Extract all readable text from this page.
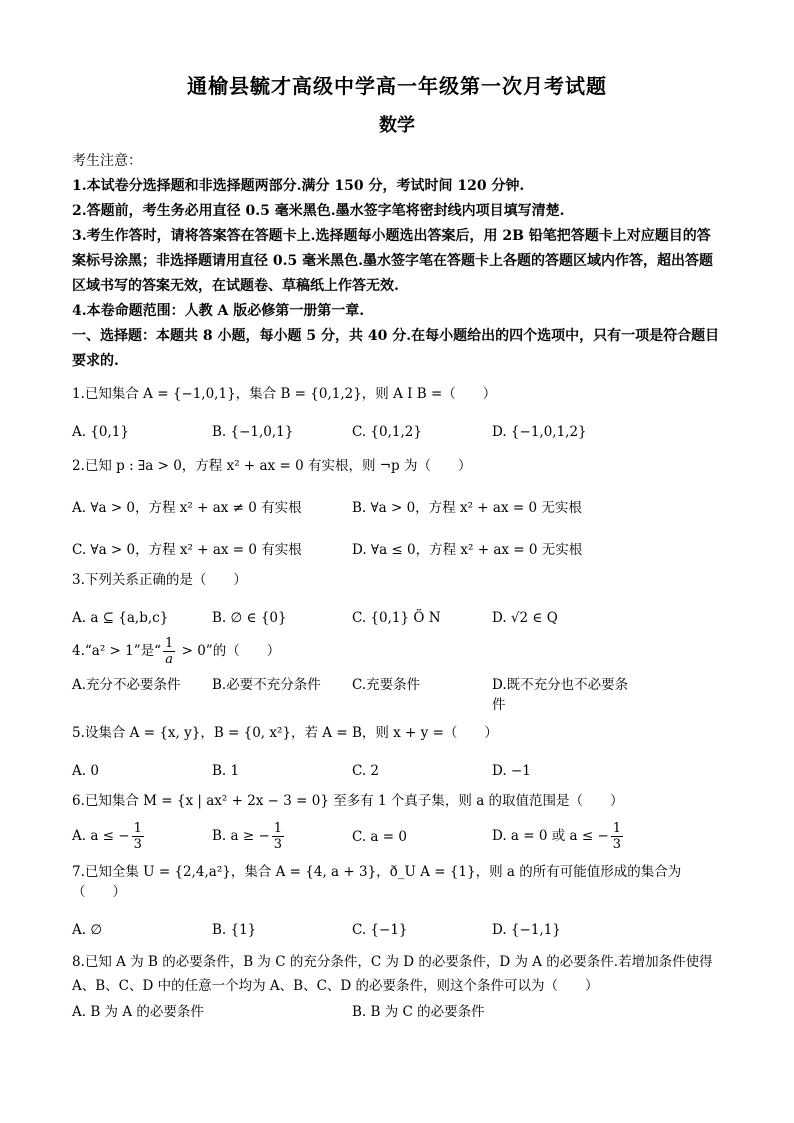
通榆县毓才高级中学高一年级第一次月考试题
数学
考生注意：
1.本试卷分选择题和非选择题两部分.满分 150 分，考试时间 120 分钟.
2.答题前，考生务必用直径 0.5 毫米黑色.墨水签字笔将密封线内项目填写清楚.
3.考生作答时，请将答案答在答题卡上.选择题每小题选出答案后，用 2B 铅笔把答题卡上对应题目的答案标号涂黑；非选择题请用直径 0.5 毫米黑色.墨水签字笔在答题卡上各题的答题区域内作答，超出答题区域书写的答案无效，在试题卷、草稿纸上作答无效.
4.本卷命题范围：人教 A 版必修第一册第一章.
一、选择题：本题共 8 小题，每小题 5 分，共 40 分.在每小题给出的四个选项中，只有一项是符合题目要求的.
1.已知集合 A = {−1,0,1}，集合 B = {0,1,2}，则 A I B =（　　）
A. {0,1}	B. {−1,0,1}	C. {0,1,2}	D. {−1,0,1,2}
2.已知 p : ∃a > 0，方程 x² + ax = 0 有实根，则 ¬p 为（　　）
A. ∀a > 0，方程 x² + ax ≠ 0 有实根	B. ∀a > 0，方程 x² + ax = 0 无实根
C. ∀a > 0，方程 x² + ax = 0 有实根	D. ∀a ≤ 0，方程 x² + ax = 0 无实根
3.下列关系正确的是（　　）
A. a ⊆ {a,b,c}	B. ∅ ∈ {0}	C. {0,1} Ö N	D. √2 ∈ Q
4.“a² > 1”是“ $\frac{1}{a} > 0$”的（　　）
A.充分不必要条件	B.必要不充分条件	C.充要条件	D.既不充分也不必要条件
5.设集合 A = {x, y}，B = {0, x²}，若 A = B，则 x + y =（　　）
A. 0	B. 1	C. 2	D. −1
6.已知集合 M = {x | ax² + 2x − 3 = 0} 至多有 1 个真子集，则 a 的取值范围是（　　）
A. a ≤ − $\frac{1}{3}$	B. a ≥ − $\frac{1}{3}$	C. a = 0	D. a = 0 或 a ≤ − $\frac{1}{3}$
7.已知全集 U = {2,4,a²}，集合 A = {4, a + 3}，ð_U A = {1}，则 a 的所有可能值形成的集合为（　　）
A. ∅	B. {1}	C. {−1}	D. {−1,1}
8.已知 A 为 B 的必要条件，B 为 C 的充分条件，C 为 D 的必要条件，D 为 A 的必要条件.若增加条件使得 A、B、C、D 中的任意一个均为 A、B、C、D 的必要条件，则这个条件可以为（　　）
A. B 为 A 的必要条件	B. B 为 C 的必要条件
